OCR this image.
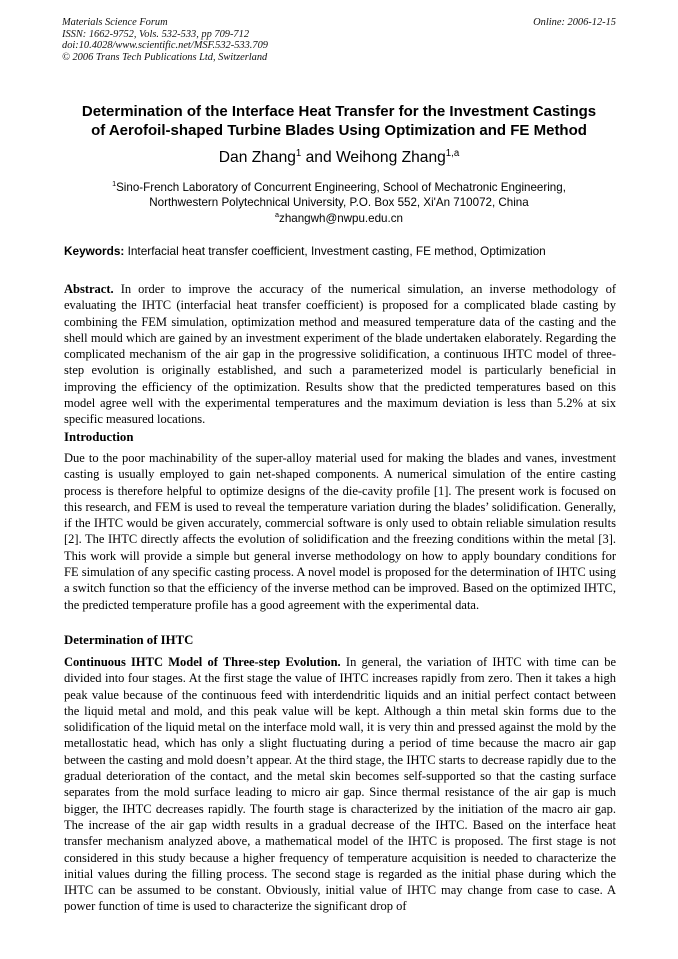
Materials Science Forum
ISSN: 1662-9752, Vols. 532-533, pp 709-712
doi:10.4028/www.scientific.net/MSF.532-533.709
© 2006 Trans Tech Publications Ltd, Switzerland
Online: 2006-12-15
Determination of the Interface Heat Transfer for the Investment Castings
of Aerofoil-shaped Turbine Blades Using Optimization and FE Method
Dan Zhang$^1$ and Weihong Zhang$^{1,a}$
$^1$Sino-French Laboratory of Concurrent Engineering, School of Mechatronic Engineering,
Northwestern Polytechnical University, P.O. Box 552, Xi'An 710072, China
$^a$zhangwh@nwpu.edu.cn
Keywords: Interfacial heat transfer coefficient, Investment casting, FE method, Optimization
Abstract. In order to improve the accuracy of the numerical simulation, an inverse methodology of evaluating the IHTC (interfacial heat transfer coefficient) is proposed for a complicated blade casting by combining the FEM simulation, optimization method and measured temperature data of the casting and the shell mould which are gained by an investment experiment of the blade undertaken elaborately. Regarding the complicated mechanism of the air gap in the progressive solidification, a continuous IHTC model of three-step evolution is originally established, and such a parameterized model is particularly beneficial in improving the efficiency of the optimization. Results show that the predicted temperatures based on this model agree well with the experimental temperatures and the maximum deviation is less than 5.2% at six specific measured locations.
Introduction
Due to the poor machinability of the super-alloy material used for making the blades and vanes, investment casting is usually employed to gain net-shaped components. A numerical simulation of the entire casting process is therefore helpful to optimize designs of the die-cavity profile [1]. The present work is focused on this research, and FEM is used to reveal the temperature variation during the blades’ solidification. Generally, if the IHTC would be given accurately, commercial software is only used to obtain reliable simulation results [2]. The IHTC directly affects the evolution of solidification and the freezing conditions within the metal [3]. This work will provide a simple but general inverse methodology on how to apply boundary conditions for FE simulation of any specific casting process. A novel model is proposed for the determination of IHTC using a switch function so that the efficiency of the inverse method can be improved. Based on the optimized IHTC, the predicted temperature profile has a good agreement with the experimental data.
Determination of IHTC
Continuous IHTC Model of Three-step Evolution. In general, the variation of IHTC with time can be divided into four stages. At the first stage the value of IHTC increases rapidly from zero. Then it takes a high peak value because of the continuous feed with interdendritic liquids and an initial perfect contact between the liquid metal and mold, and this peak value will be kept. Although a thin metal skin forms due to the solidification of the liquid metal on the interface mold wall, it is very thin and pressed against the mold by the metallostatic head, which has only a slight fluctuating during a period of time because the macro air gap between the casting and mold doesn’t appear. At the third stage, the IHTC starts to decrease rapidly due to the gradual deterioration of the contact, and the metal skin becomes self-supported so that the casting surface separates from the mold surface leading to micro air gap. Since thermal resistance of the air gap is much bigger, the IHTC decreases rapidly. The fourth stage is characterized by the initiation of the macro air gap. The increase of the air gap width results in a gradual decrease of the IHTC. Based on the interface heat transfer mechanism analyzed above, a mathematical model of the IHTC is proposed. The first stage is not considered in this study because a higher frequency of temperature acquisition is needed to characterize the initial values during the filling process. The second stage is regarded as the initial phase during which the IHTC can be assumed to be constant. Obviously, initial value of IHTC may change from case to case. A power function of time is used to characterize the significant drop of
